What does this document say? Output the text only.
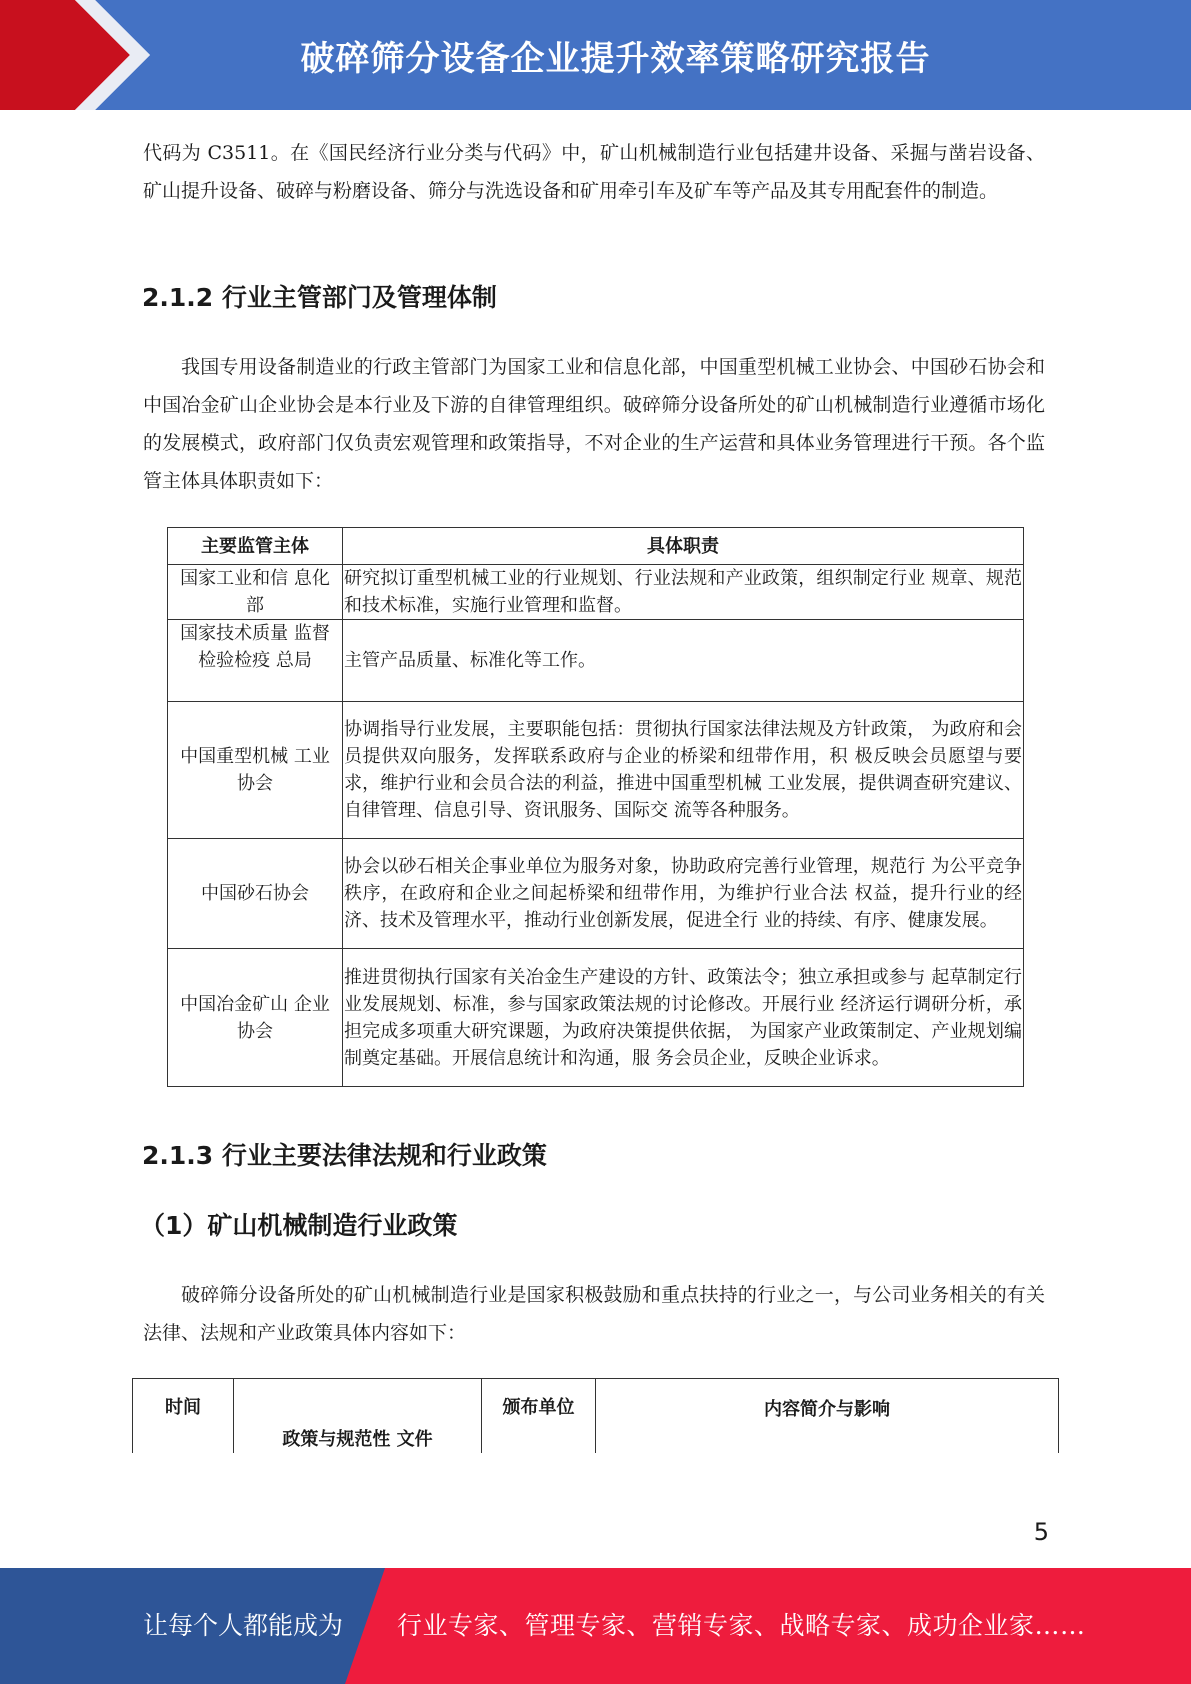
破碎筛分设备企业提升效率策略研究报告

代码为 C3511。在《国民经济行业分类与代码》中，矿山机械制造行业包括建井设备、采掘与凿岩设备、矿山提升设备、破碎与粉磨设备、筛分与洗选设备和矿用牵引车及矿车等产品及其专用配套件的制造。

2.1.2 行业主管部门及管理体制

我国专用设备制造业的行政主管部门为国家工业和信息化部，中国重型机械工业协会、中国砂石协会和中国冶金矿山企业协会是本行业及下游的自律管理组织。破碎筛分设备所处的矿山机械制造行业遵循市场化的发展模式，政府部门仅负责宏观管理和政策指导，不对企业的生产运营和具体业务管理进行干预。各个监管主体具体职责如下：

主要监管主体	具体职责
国家工业和信 息化部	研究拟订重型机械工业的行业规划、行业法规和产业政策，组织制定行业 规章、规范和技术标准，实施行业管理和监督。
国家技术质量 监督检验检疫 总局	主管产品质量、标准化等工作。
中国重型机械 工业协会	协调指导行业发展，主要职能包括：贯彻执行国家法律法规及方针政策， 为政府和会员提供双向服务，发挥联系政府与企业的桥梁和纽带作用，积 极反映会员愿望与要求，维护行业和会员合法的利益，推进中国重型机械 工业发展，提供调查研究建议、自律管理、信息引导、资讯服务、国际交 流等各种服务。
中国砂石协会	协会以砂石相关企事业单位为服务对象，协助政府完善行业管理，规范行 为公平竞争秩序，在政府和企业之间起桥梁和纽带作用，为维护行业合法 权益，提升行业的经济、技术及管理水平，推动行业创新发展，促进全行 业的持续、有序、健康发展。
中国冶金矿山 企业协会	推进贯彻执行国家有关冶金生产建设的方针、政策法令；独立承担或参与 起草制定行业发展规划、标准，参与国家政策法规的讨论修改。开展行业 经济运行调研分析，承担完成多项重大研究课题，为政府决策提供依据， 为国家产业政策制定、产业规划编制奠定基础。开展信息统计和沟通，服 务会员企业，反映企业诉求。
2.1.3 行业主要法律法规和行业政策
（1）矿山机械制造行业政策

破碎筛分设备所处的矿山机械制造行业是国家积极鼓励和重点扶持的行业之一，与公司业务相关的有关法律、法规和产业政策具体内容如下：

时间	政策与规范性 文件	颁布单位	内容简介与影响
5
让每个人都能成为 行业专家、管理专家、营销专家、战略专家、成功企业家……
